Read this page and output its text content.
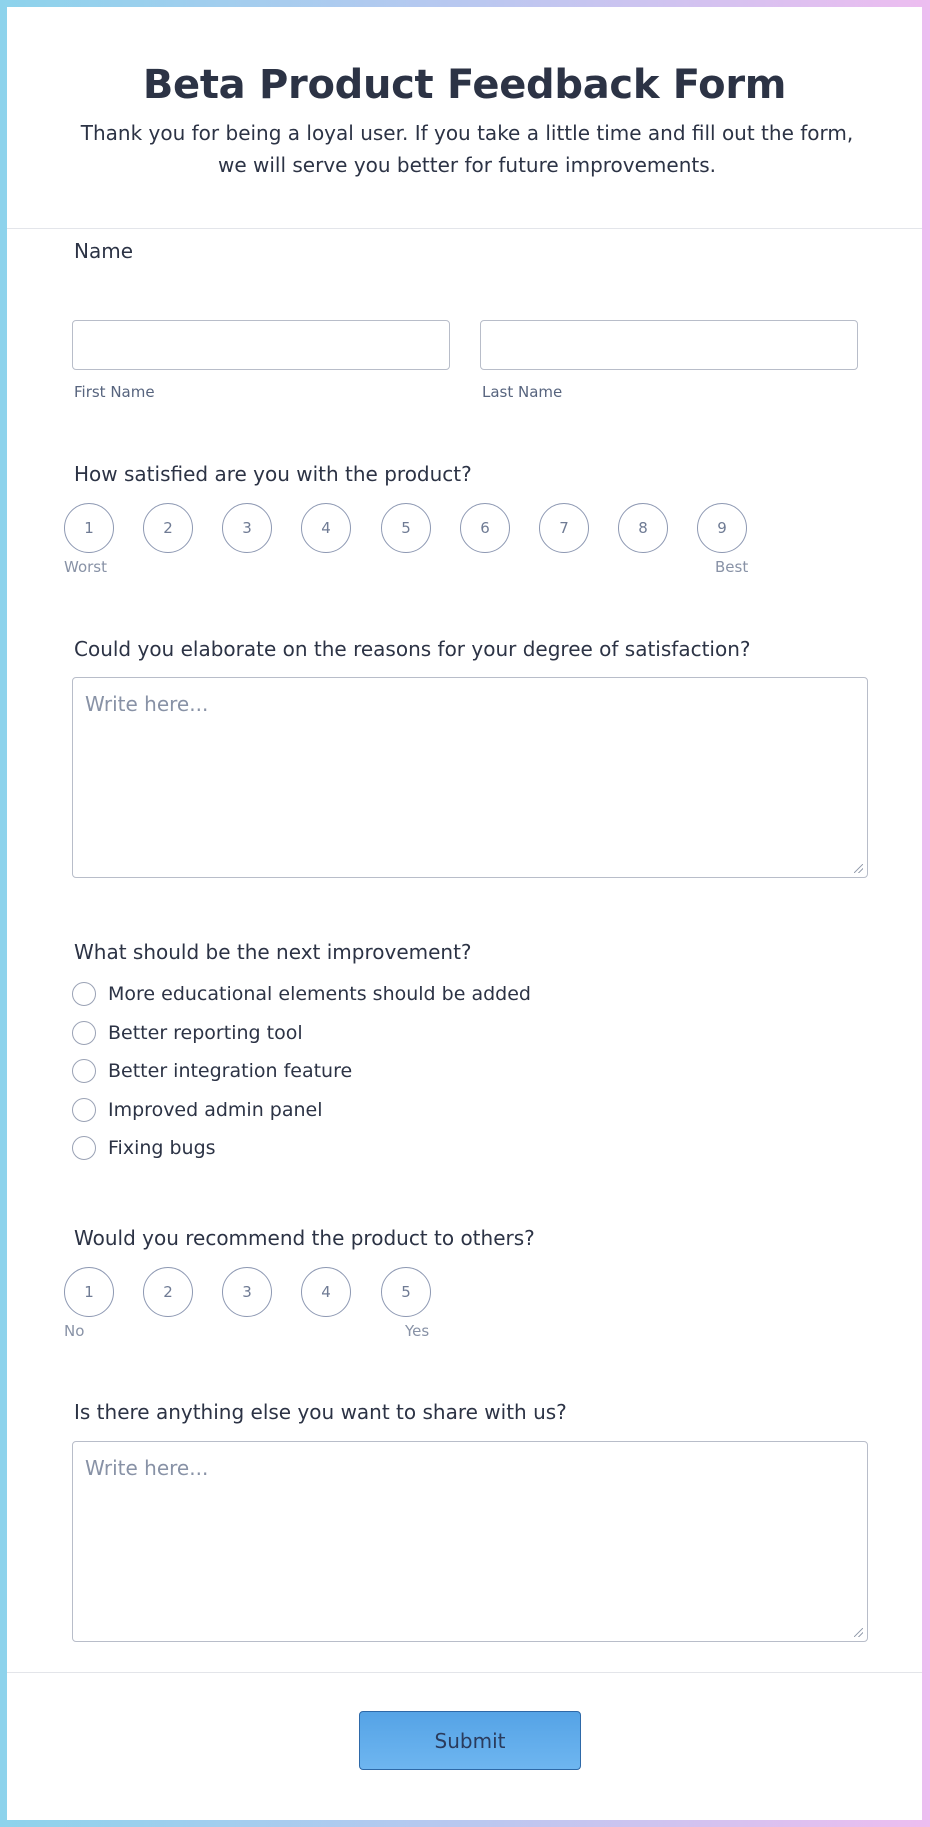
Beta Product Feedback Form
Thank you for being a loyal user. If you take a little time and fill out the form, we will serve you better for future improvements.
Name
First Name	Last Name
How satisfied are you with the product?
1	2	3	4	5	6	7	8	9
Worst	Best
Could you elaborate on the reasons for your degree of satisfaction?
Write here...
What should be the next improvement?
More educational elements should be added
Better reporting tool
Better integration feature
Improved admin panel
Fixing bugs
Would you recommend the product to others?
1	2	3	4	5
No	Yes
Is there anything else you want to share with us?
Write here...
Submit
